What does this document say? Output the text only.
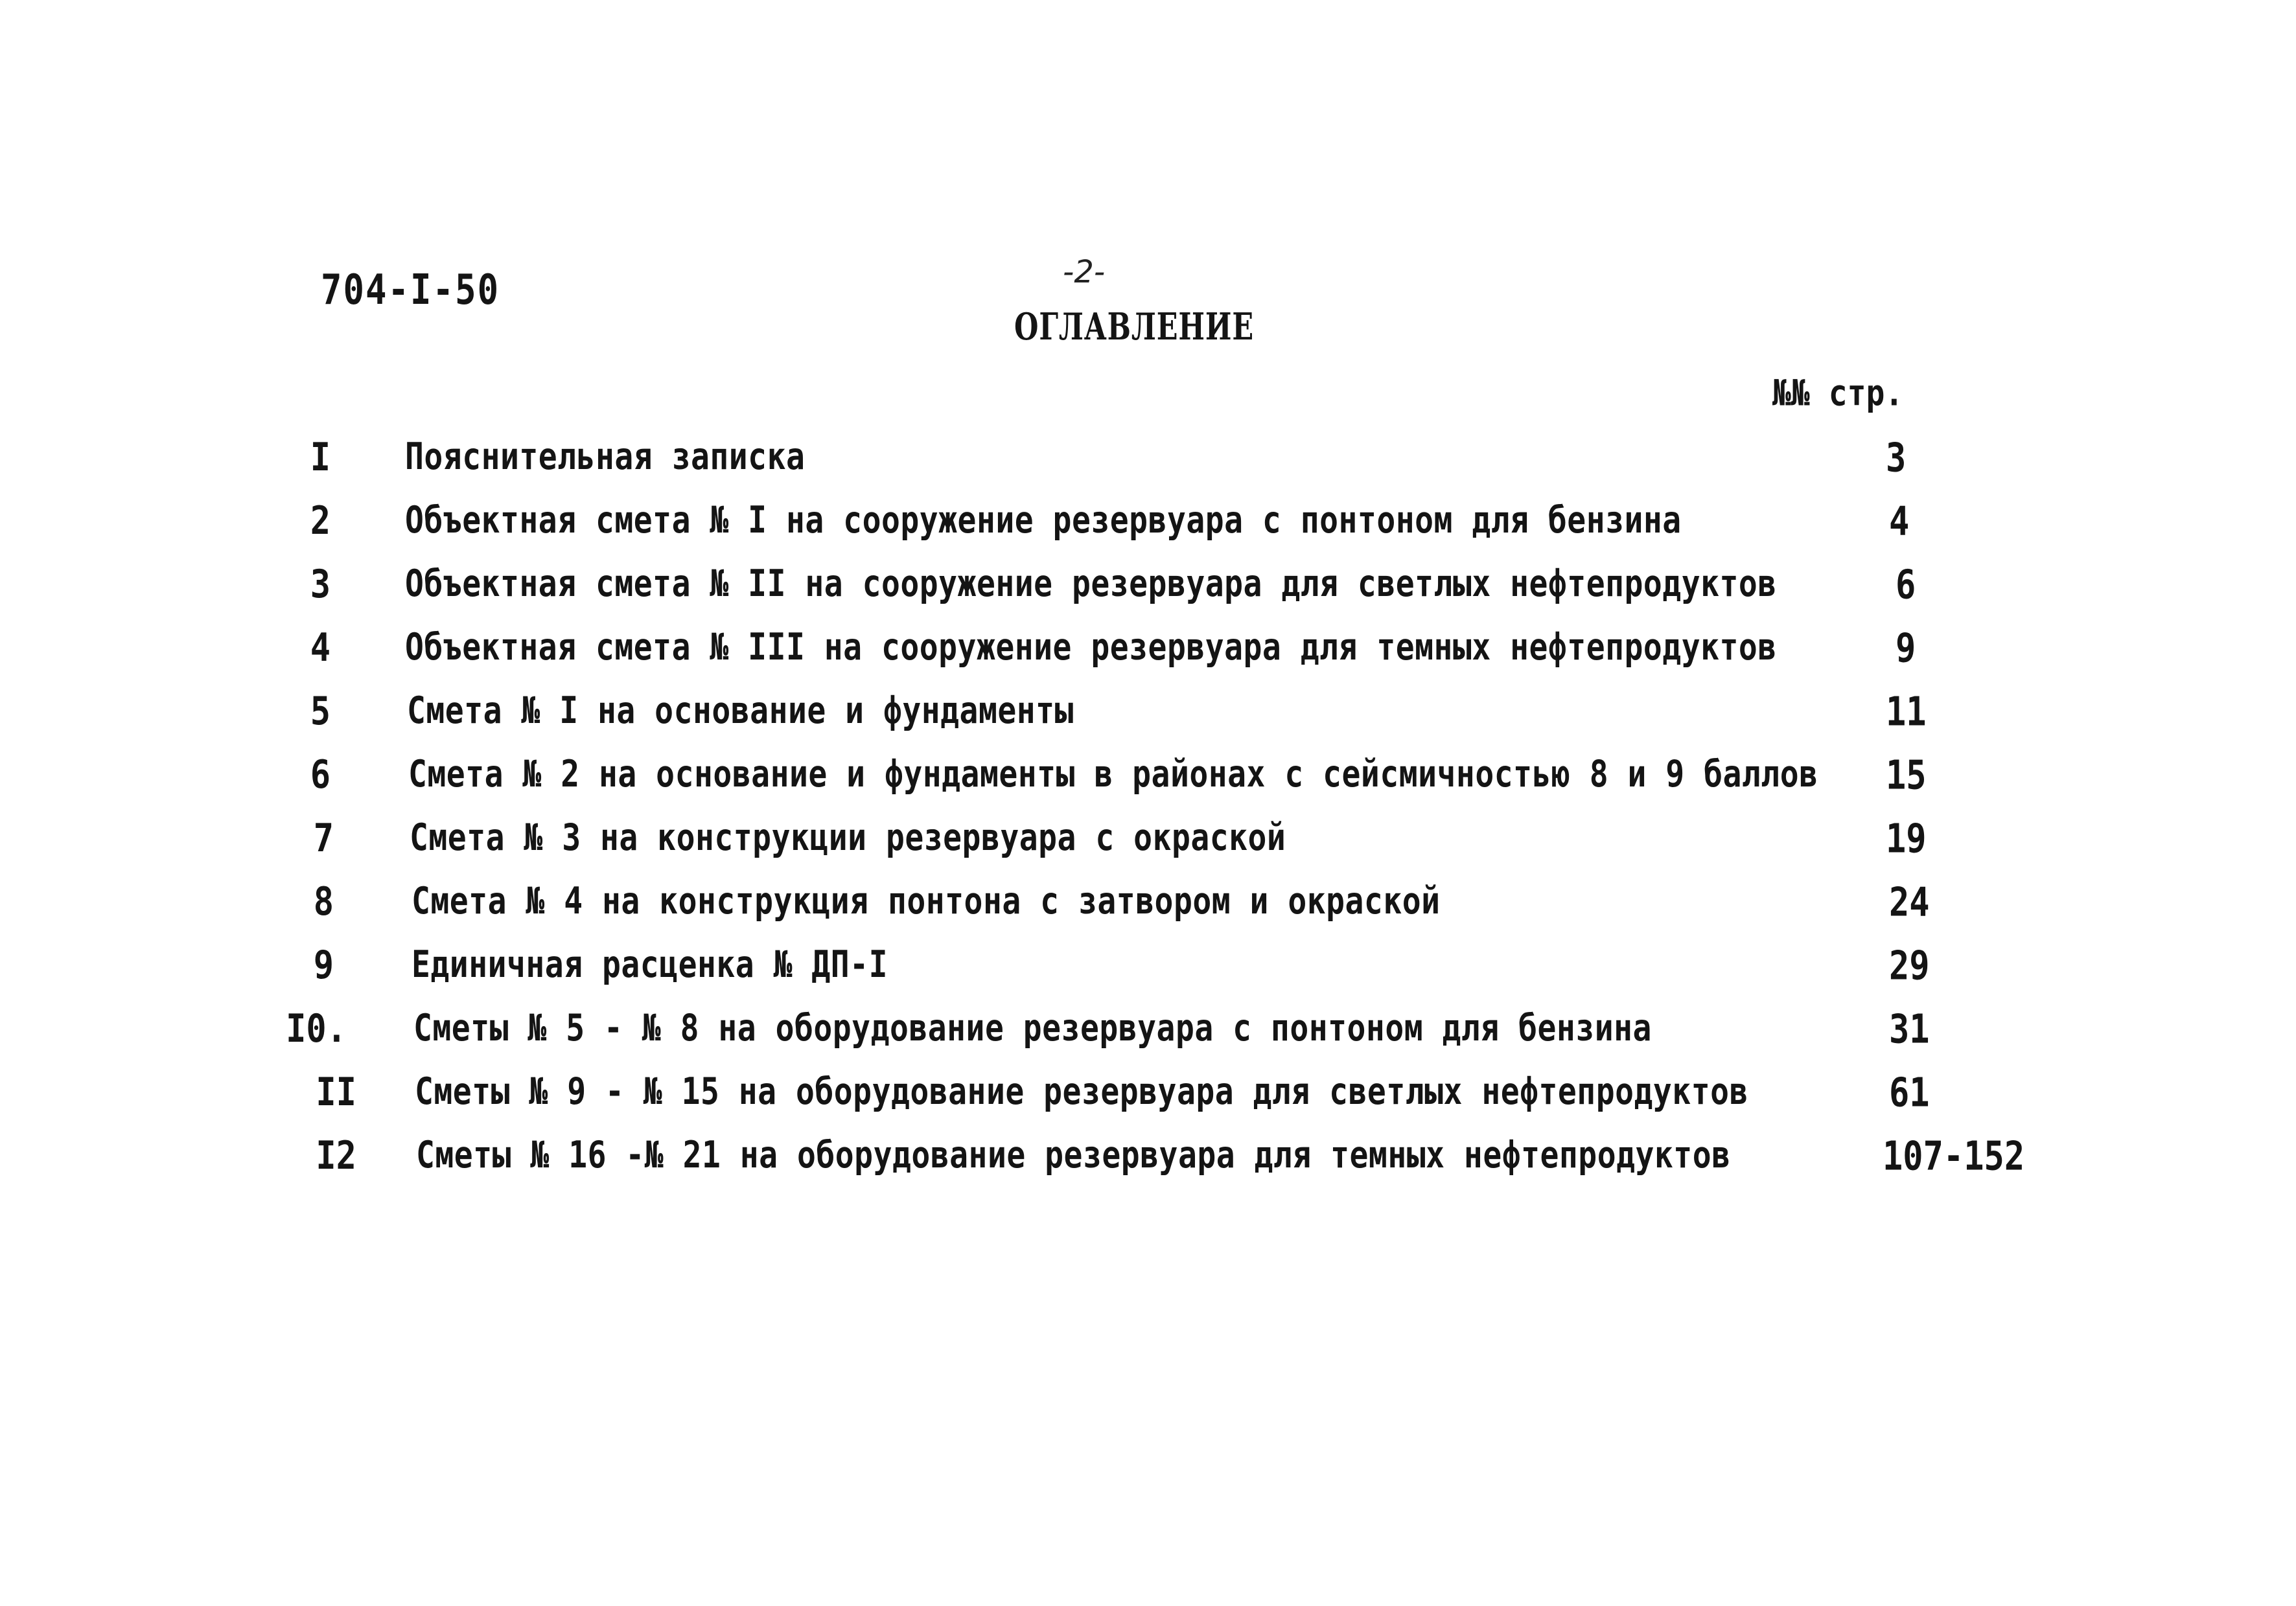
704-I-50	-2-
ОГЛАВЛЕНИЕ
№№ стр.
I Пояснительная записка	3
2 Объектная смета № I на сооружение резервуара с понтоном для бензина	4
3 Объектная смета № II на сооружение резервуара для светлых нефтепродуктов	6
4 Объектная смета № III на сооружение резервуара для темных нефтепродуктов	9
5 Смета № I на основание и фундаменты	11
6	Смета № 2 на основание и фундаменты в районах с сейсмичностью 8 и 9 баллов 15
7 Смета № 3 на конструкции резервуара с окраской	19
8	Смета № 4 на конструкция понтона с затвором и окраской	24
9	Единичная расценка № ДП-I	29
I0. Сметы № 5 - № 8 на оборудование резервуара с понтоном для бензина	31
II Сметы № 9 - № 15 на оборудование резервуара для светлых нефтепродуктов	61
I2 Сметы № 16 -№ 21 на оборудование резервуара для темных нефтепродуктов	107-152
